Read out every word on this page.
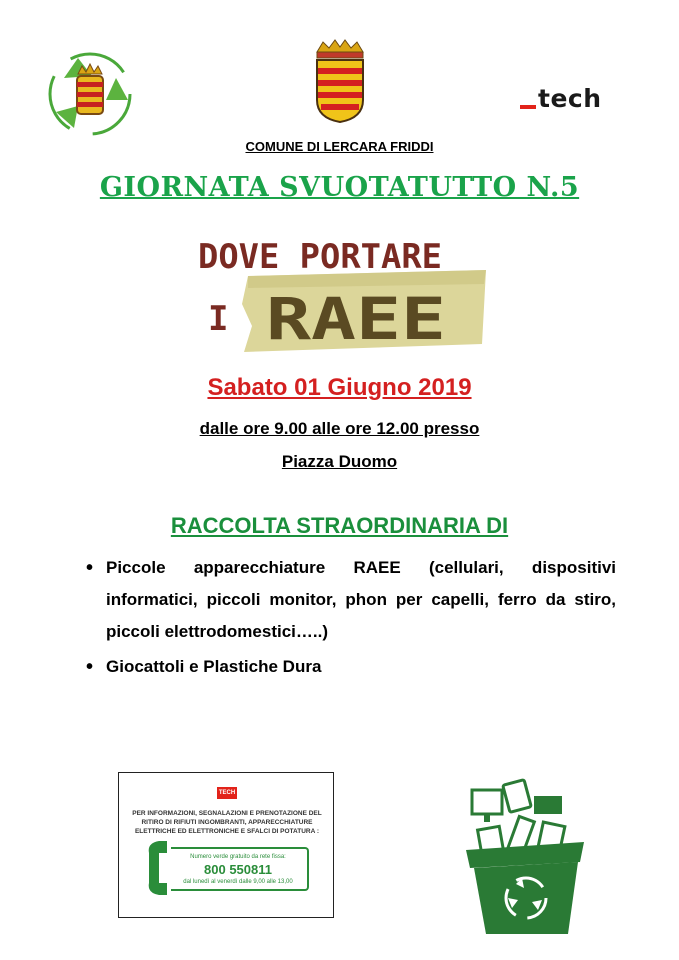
tech
COMUNE DI LERCARA FRIDDI
GIORNATA SVUOTATUTTO N.5
DOVE PORTARE
I RAEE
Sabato 01 Giugno 2019
dalle ore 9.00 alle ore 12.00 presso
Piazza Duomo
RACCOLTA STRAORDINARIA DI
• Piccole apparecchiature RAEE (cellulari, dispositivi informatici, piccoli monitor, phon per capelli, ferro da stiro, piccoli elettrodomestici…..)
• Giocattoli e Plastiche Dura
TECH
PER INFORMAZIONI, SEGNALAZIONI E PRENOTAZIONE DEL RITIRO DI RIFIUTI INGOMBRANTI, APPARECCHIATURE ELETTRICHE ED ELETTRONICHE E SFALCI DI POTATURA :
Numero verde gratuito da rete fissa:
800 550811
dal lunedì al venerdì dalle 9,00 alle 13,00
